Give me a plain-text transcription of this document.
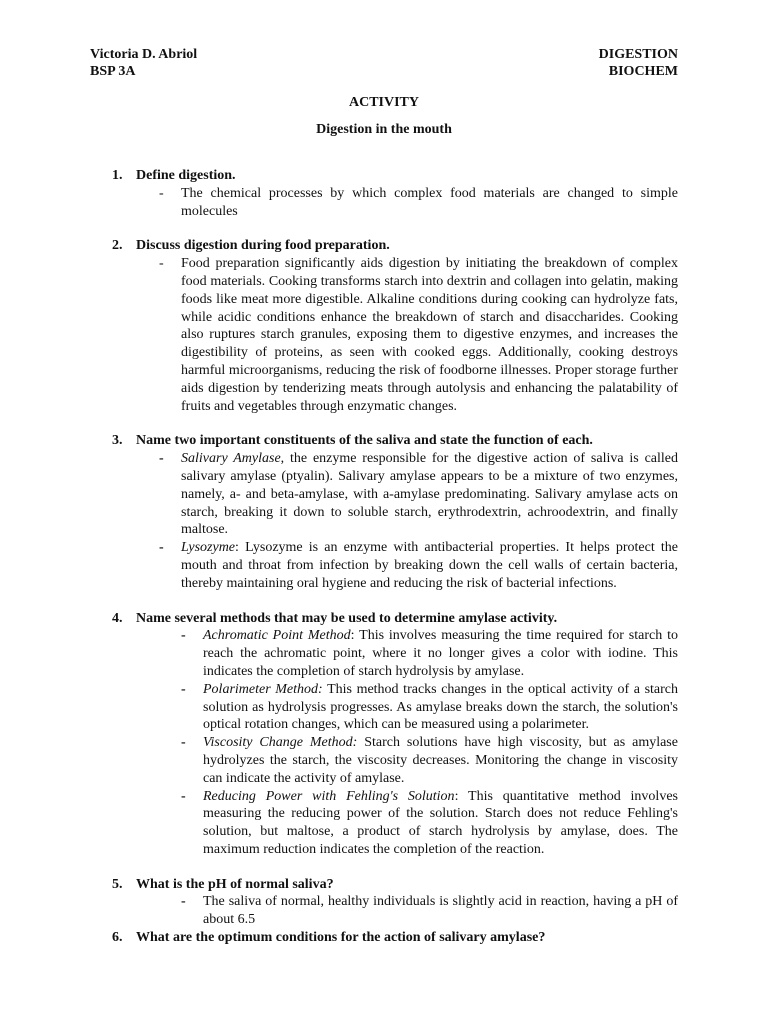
Victoria D. Abriol
BSP 3A
DIGESTION
BIOCHEM
ACTIVITY
Digestion in the mouth
1. Define digestion.
- The chemical processes by which complex food materials are changed to simple molecules
2. Discuss digestion during food preparation.
- Food preparation significantly aids digestion by initiating the breakdown of complex food materials. Cooking transforms starch into dextrin and collagen into gelatin, making foods like meat more digestible. Alkaline conditions during cooking can hydrolyze fats, while acidic conditions enhance the breakdown of starch and disaccharides. Cooking also ruptures starch granules, exposing them to digestive enzymes, and increases the digestibility of proteins, as seen with cooked eggs. Additionally, cooking destroys harmful microorganisms, reducing the risk of foodborne illnesses. Proper storage further aids digestion by tenderizing meats through autolysis and enhancing the palatability of fruits and vegetables through enzymatic changes.
3. Name two important constituents of the saliva and state the function of each.
- Salivary Amylase, the enzyme responsible for the digestive action of saliva is called salivary amylase (ptyalin). Salivary amylase appears to be a mixture of two enzymes, namely, a- and beta-amylase, with a-amylase predominating. Salivary amylase acts on starch, breaking it down to soluble starch, erythrodextrin, achroodextrin, and finally maltose.
- Lysozyme: Lysozyme is an enzyme with antibacterial properties. It helps protect the mouth and throat from infection by breaking down the cell walls of certain bacteria, thereby maintaining oral hygiene and reducing the risk of bacterial infections.
4. Name several methods that may be used to determine amylase activity.
- Achromatic Point Method: This involves measuring the time required for starch to reach the achromatic point, where it no longer gives a color with iodine. This indicates the completion of starch hydrolysis by amylase.
- Polarimeter Method: This method tracks changes in the optical activity of a starch solution as hydrolysis progresses. As amylase breaks down the starch, the solution's optical rotation changes, which can be measured using a polarimeter.
- Viscosity Change Method: Starch solutions have high viscosity, but as amylase hydrolyzes the starch, the viscosity decreases. Monitoring the change in viscosity can indicate the activity of amylase.
- Reducing Power with Fehling's Solution: This quantitative method involves measuring the reducing power of the solution. Starch does not reduce Fehling's solution, but maltose, a product of starch hydrolysis by amylase, does. The maximum reduction indicates the completion of the reaction.
5. What is the pH of normal saliva?
- The saliva of normal, healthy individuals is slightly acid in reaction, having a pH of about 6.5
6. What are the optimum conditions for the action of salivary amylase?
